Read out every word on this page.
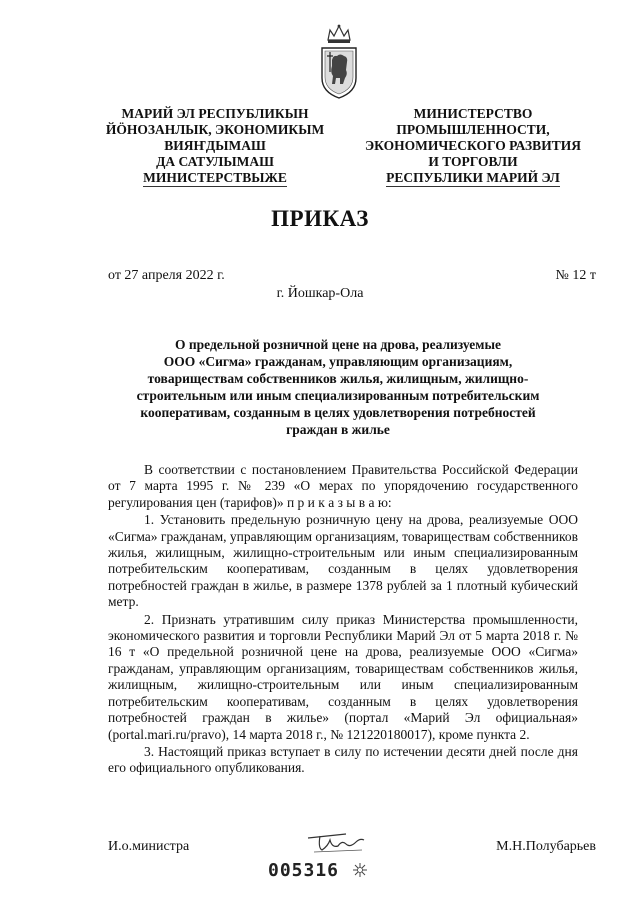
МАРИЙ ЭЛ РЕСПУБЛИКЫН
ЙӦНОЗАНЛЫК, ЭКОНОМИКЫМ
ВИЯҤДЫМАШ
ДА САТУЛЫМАШ
МИНИСТЕРСТВЫЖЕ
МИНИСТЕРСТВО
ПРОМЫШЛЕННОСТИ,
ЭКОНОМИЧЕСКОГО РАЗВИТИЯ
И ТОРГОВЛИ
РЕСПУБЛИКИ МАРИЙ ЭЛ
ПРИКАЗ
от 27 апреля 2022 г.	№ 12 т
г. Йошкар-Ола
О предельной розничной цене на дрова, реализуемые
ООО «Сигма» гражданам, управляющим организациям,
товариществам собственников жилья, жилищным, жилищно-
строительным или иным специализированным потребительским
кооперативам, созданным в целях удовлетворения потребностей
граждан в жилье

В соответствии с постановлением Правительства Российской Федерации от 7 марта 1995 г. № 239 «О мерах по упорядочению государственного регулирования цен (тарифов)» п р и к а з ы в а ю:

1. Установить предельную розничную цену на дрова, реализуемые ООО «Сигма» гражданам, управляющим организациям, товариществам собственников жилья, жилищным, жилищно-строительным или иным специализированным потребительским кооперативам, созданным в целях удовлетворения потребностей граждан в жилье, в размере 1378 рублей за 1 плотный кубический метр.

2. Признать утратившим силу приказ Министерства промышленности, экономического развития и торговли Республики Марий Эл от 5 марта 2018 г. № 16 т «О предельной розничной цене на дрова, реализуемые ООО «Сигма» гражданам, управляющим организациям, товариществам собственников жилья, жилищным, жилищно-строительным или иным специализированным потребительским кооперативам, созданным в целях удовлетворения потребностей граждан в жилье» (портал «Марий Эл официальная» (portal.mari.ru/pravo), 14 марта 2018 г., № 121220180017), кроме пункта 2.

3. Настоящий приказ вступает в силу по истечении десяти дней после дня его официального опубликования.

И.о.министра	М.Н.Полубарьев
005316
